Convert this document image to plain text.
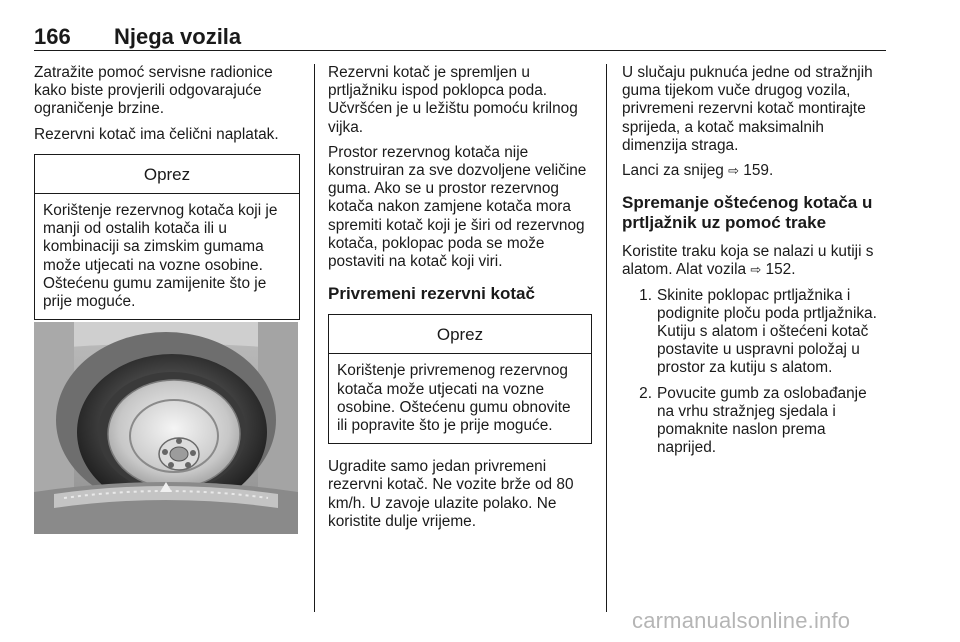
166 Njega vozila

Zatražite pomoć servisne radionice kako biste provjerili odgovarajuće ograničenje brzine.

Rezervni kotač ima čelični naplatak.

Oprez
Korištenje rezervnog kotača koji je manji od ostalih kotača ili u kombinaciji sa zimskim gumama može utjecati na vozne osobine. Oštećenu gumu zamijenite što je prije moguće.

Rezervni kotač je spremljen u prtljažniku ispod poklopca poda. Učvršćen je u ležištu pomoću krilnog vijka.

Prostor rezervnog kotača nije konstruiran za sve dozvoljene veličine guma. Ako se u prostor rezervnog kotača nakon zamjene kotača mora spremiti kotač koji je širi od rezervnog kotača, poklopac poda se može postaviti na kotač koji viri.

Privremeni rezervni kotač
Oprez
Korištenje privremenog rezervnog kotača može utjecati na vozne osobine. Oštećenu gumu obnovite ili popravite što je prije moguće.

Ugradite samo jedan privremeni rezervni kotač. Ne vozite brže od 80 km/h. U zavoje ulazite polako. Ne koristite dulje vrijeme.

U slučaju puknuća jedne od stražnjih guma tijekom vuče drugog vozila, privremeni rezervni kotač montirajte sprijeda, a kotač maksimalnih dimenzija straga.

Lanci za snijeg ⇨ 159.

Spremanje oštećenog kotača u prtljažnik uz pomoć trake

Koristite traku koja se nalazi u kutiji s alatom. Alat vozila ⇨ 152.

1. Skinite poklopac prtljažnika i podignite ploču poda prtljažnika. Kutiju s alatom i oštećeni kotač postavite u uspravni položaj u prostor za kutiju s alatom.
2. Povucite gumb za oslobađanje na vrhu stražnjeg sjedala i pomaknite naslon prema naprijed.
carmanualsonline.info
